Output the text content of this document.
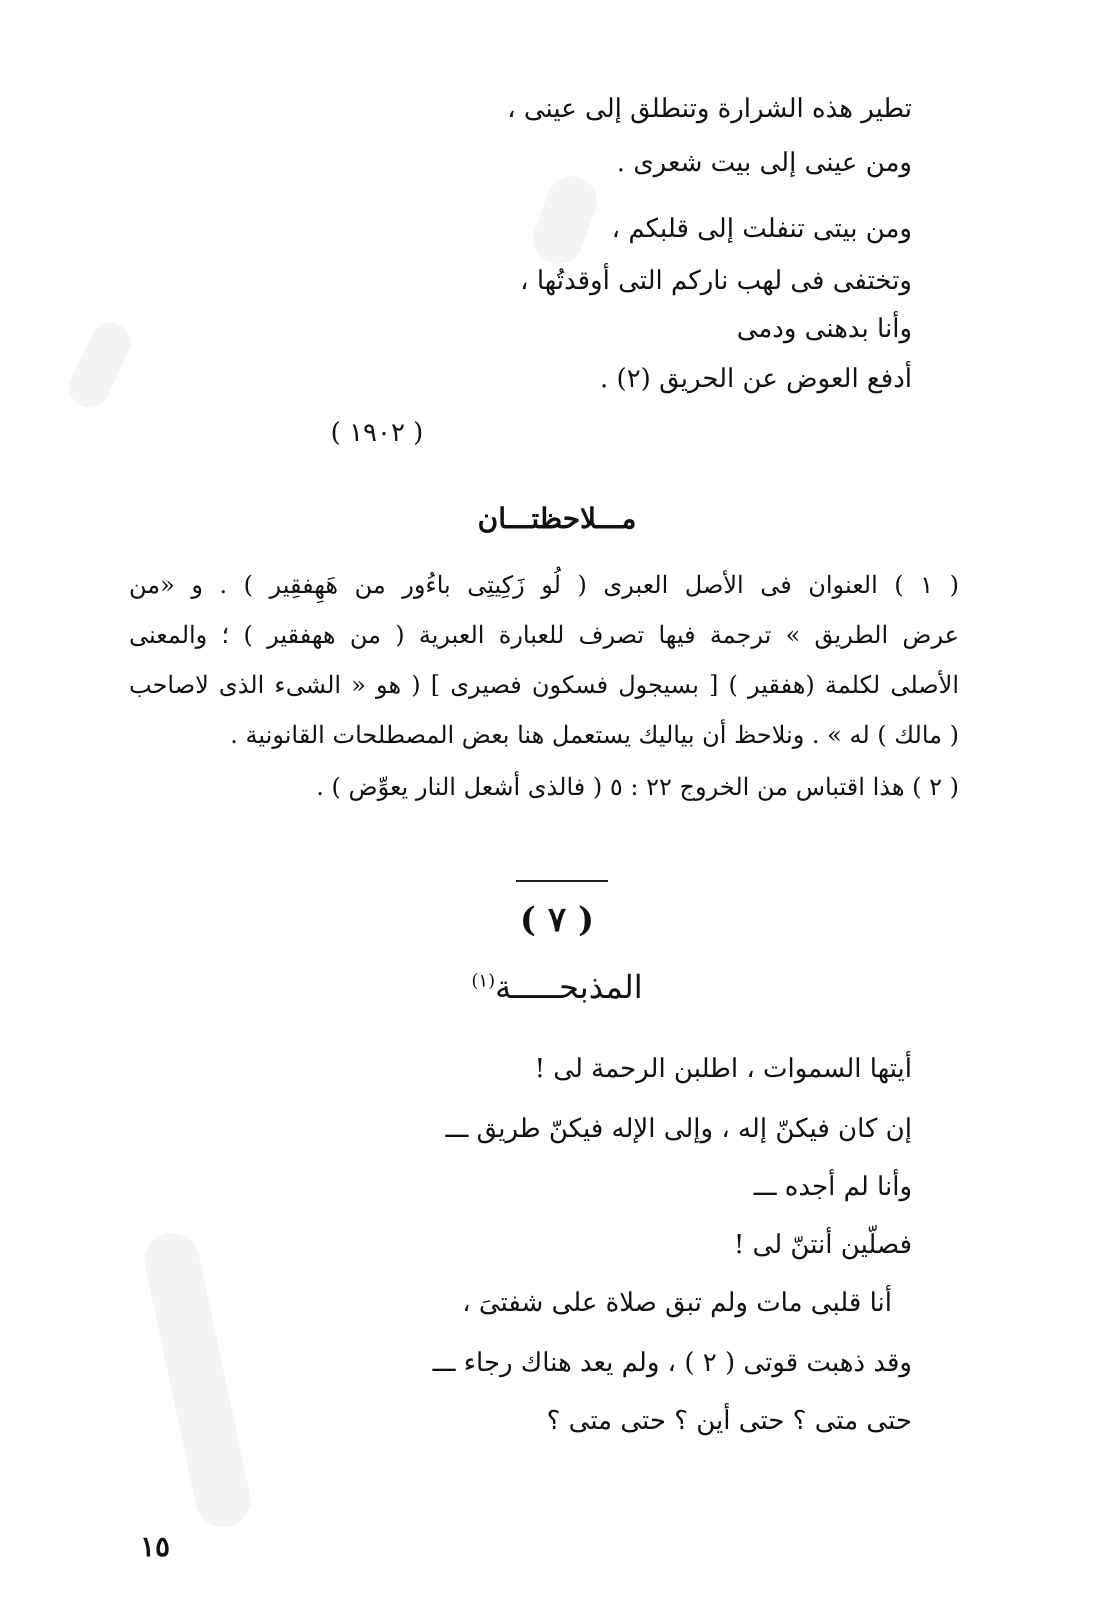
تطير هذه الشرارة وتنطلق إلى عينى ،
ومن عينى إلى بيت شعرى .
ومن بيتى تنفلت إلى قلبكم ،
وتختفى فى لهب ناركم التى أوقدتُها ،
وأنا بدهنى ودمى
أدفع العوض عن الحريق (٢) .
( ١٩٠٢ )
مـــلاحظتـــان
( ١ ) العنوان فى الأصل العبرى ( لُو زَكِيتِى باءُور من هَهِفقِير ) . و «من
عرض الطريق » ترجمة فيها تصرف للعبارة العبرية ( من ههفقير ) ؛ والمعنى
الأصلى لكلمة (هفقير ) [ بسيجول فسكون فصيرى ] ( هو « الشىء الذى لاصاحب
( مالك ) له » . ونلاحظ أن بياليك يستعمل هنا بعض المصطلحات القانونية .
( ٢ ) هذا اقتباس من الخروج ٢٢ : ٥ ( فالذى أشعل النار يعوِّض ) .
( ٧ )
المذبحـــــة$^{(١)}$
أيتها السموات ، اطلبن الرحمة لى !
إن كان فيكنّ إله ، وإلى الإله فيكنّ طريق ـــ
وأنا لم أجده ـــ
فصلّين أنتنّ لى !
أنا قلبى مات ولم تبق صلاة على شفتىَ ،
وقد ذهبت قوتى ( ٢ ) ، ولم يعد هناك رجاء ـــ
حتى متى ؟ حتى أين ؟ حتى متى ؟
١٥
